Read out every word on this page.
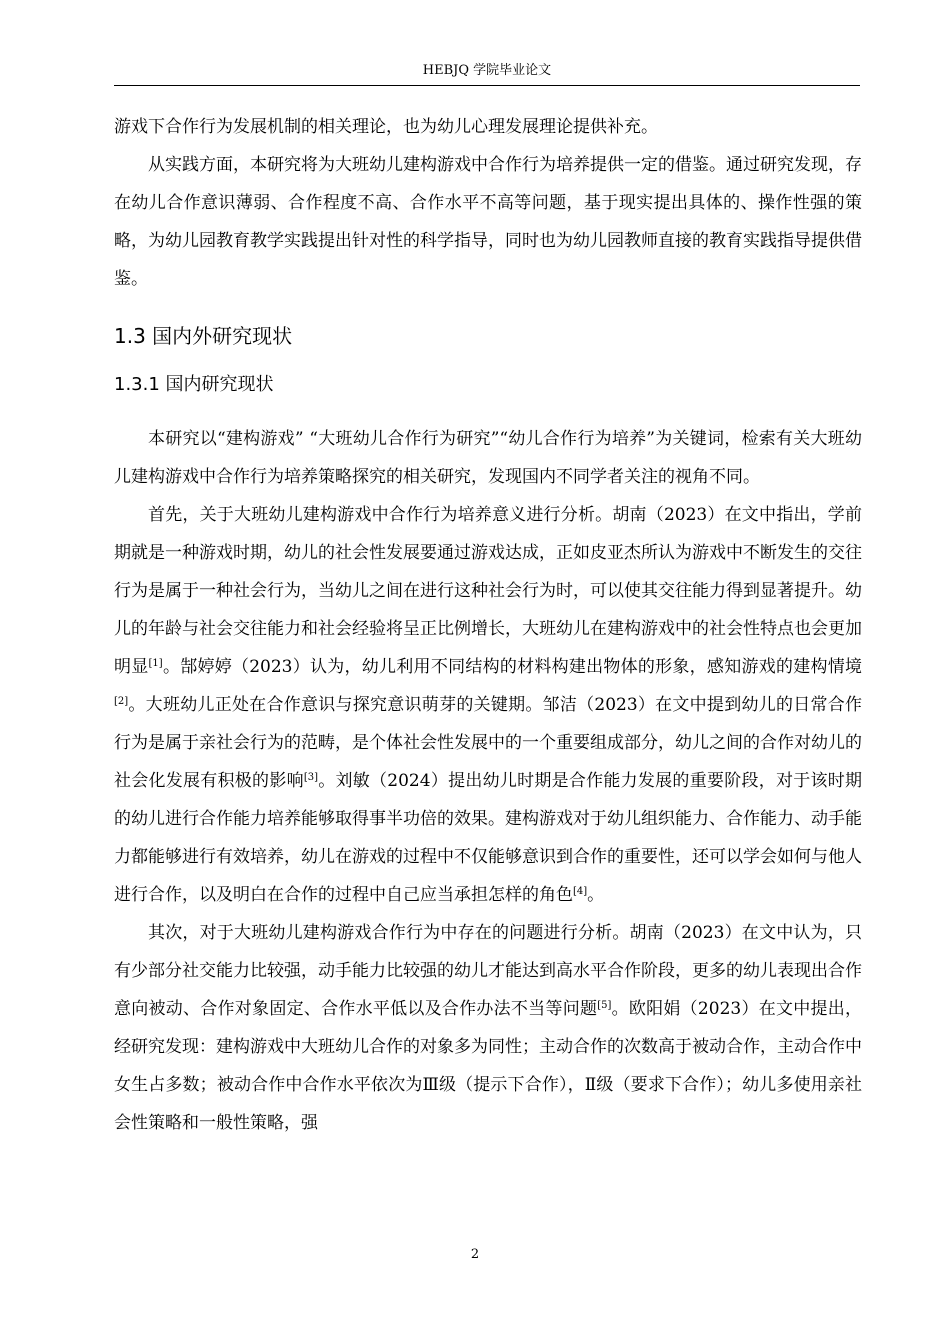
HEBJQ 学院毕业论文

游戏下合作行为发展机制的相关理论，也为幼儿心理发展理论提供补充。

从实践方面，本研究将为大班幼儿建构游戏中合作行为培养提供一定的借鉴。通过研究发现，存在幼儿合作意识薄弱、合作程度不高、合作水平不高等问题，基于现实提出具体的、操作性强的策略，为幼儿园教育教学实践提出针对性的科学指导，同时也为幼儿园教师直接的教育实践指导提供借鉴。

1.3 国内外研究现状
1.3.1 国内研究现状

本研究以“建构游戏” “大班幼儿合作行为研究”“幼儿合作行为培养”为关键词，检索有关大班幼儿建构游戏中合作行为培养策略探究的相关研究，发现国内不同学者关注的视角不同。

首先，关于大班幼儿建构游戏中合作行为培养意义进行分析。胡南（2023）在文中指出，学前期就是一种游戏时期，幼儿的社会性发展要通过游戏达成，正如皮亚杰所认为游戏中不断发生的交往行为是属于一种社会行为，当幼儿之间在进行这种社会行为时，可以使其交往能力得到显著提升。幼儿的年龄与社会交往能力和社会经验将呈正比例增长，大班幼儿在建构游戏中的社会性特点也会更加明显[1]。郜婷婷（2023）认为，幼儿利用不同结构的材料构建出物体的形象，感知游戏的建构情境[2]。大班幼儿正处在合作意识与探究意识萌芽的关键期。邹洁（2023）在文中提到幼儿的日常合作行为是属于亲社会行为的范畴，是个体社会性发展中的一个重要组成部分，幼儿之间的合作对幼儿的社会化发展有积极的影响[3]。刘敏（2024）提出幼儿时期是合作能力发展的重要阶段，对于该时期的幼儿进行合作能力培养能够取得事半功倍的效果。建构游戏对于幼儿组织能力、合作能力、动手能力都能够进行有效培养，幼儿在游戏的过程中不仅能够意识到合作的重要性，还可以学会如何与他人进行合作，以及明白在合作的过程中自己应当承担怎样的角色[4]。

其次，对于大班幼儿建构游戏合作行为中存在的问题进行分析。胡南（2023）在文中认为，只有少部分社交能力比较强，动手能力比较强的幼儿才能达到高水平合作阶段，更多的幼儿表现出合作意向被动、合作对象固定、合作水平低以及合作办法不当等问题[5]。欧阳娟（2023）在文中提出，经研究发现：建构游戏中大班幼儿合作的对象多为同性；主动合作的次数高于被动合作，主动合作中女生占多数；被动合作中合作水平依次为Ⅲ级（提示下合作），Ⅱ级（要求下合作）；幼儿多使用亲社会性策略和一般性策略，强

2
